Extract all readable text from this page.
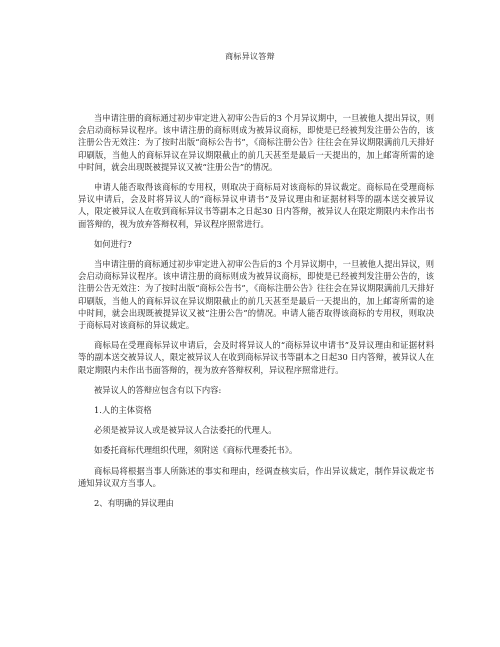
商标异议答辩

当申请注册的商标通过初步审定进入初审公告后的3 个月异议期中，一旦被他人提出异议，则会启动商标异议程序。该申请注册的商标则成为被异议商标，即使是已经被判发注册公告的，该注册公告无效注：为了按时出版“商标公告书”，《商标注册公告》往往会在异议期限满前几天排好印刷版，当他人的商标异议在异议期限截止的前几天甚至是最后一天提出的，加上邮寄所需的途中时间，就会出现既被提异议又被“注册公告”的情况。

申请人能否取得该商标的专用权，则取决于商标局对该商标的异议裁定。商标局在受理商标异议申请后，会及时将异议人的“商标异议申请书”及异议理由和证据材料等的副本送交被异议人，限定被异议人在收到商标异议书等副本之日起30 日内答辩，被异议人在限定期限内未作出书面答辩的，视为放弃答辩权利，异议程序照常进行。

如何进行?

当申请注册的商标通过初步审定进入初审公告后的3 个月异议期中，一旦被他人提出异议，则会启动商标异议程序。该申请注册的商标则成为被异议商标，即使是已经被判发注册公告的，该注册公告无效注：为了按时出版“商标公告书”，《商标注册公告》往往会在异议期限满前几天排好印刷版，当他人的商标异议在异议期限截止的前几天甚至是最后一天提出的，加上邮寄所需的途中时间，就会出现既被提异议又被“注册公告”的情况。申请人能否取得该商标的专用权，则取决于商标局对该商标的异议裁定。

商标局在受理商标异议申请后，会及时将异议人的“商标异议申请书”及异议理由和证据材料等的副本送交被异议人，限定被异议人在收到商标异议书等副本之日起30 日内答辩，被异议人在限定期限内未作出书面答辩的，视为放弃答辩权利，异议程序照常进行。

被异议人的答辩应包含有以下内容:

1.人的主体资格

必须是被异议人或是被异议人合法委托的代理人。

如委托商标代理组织代理，须附送《商标代理委托书》。

商标局将根据当事人所陈述的事实和理由，经调查核实后，作出异议裁定，制作异议裁定书通知异议双方当事人。

2、有明确的异议理由
